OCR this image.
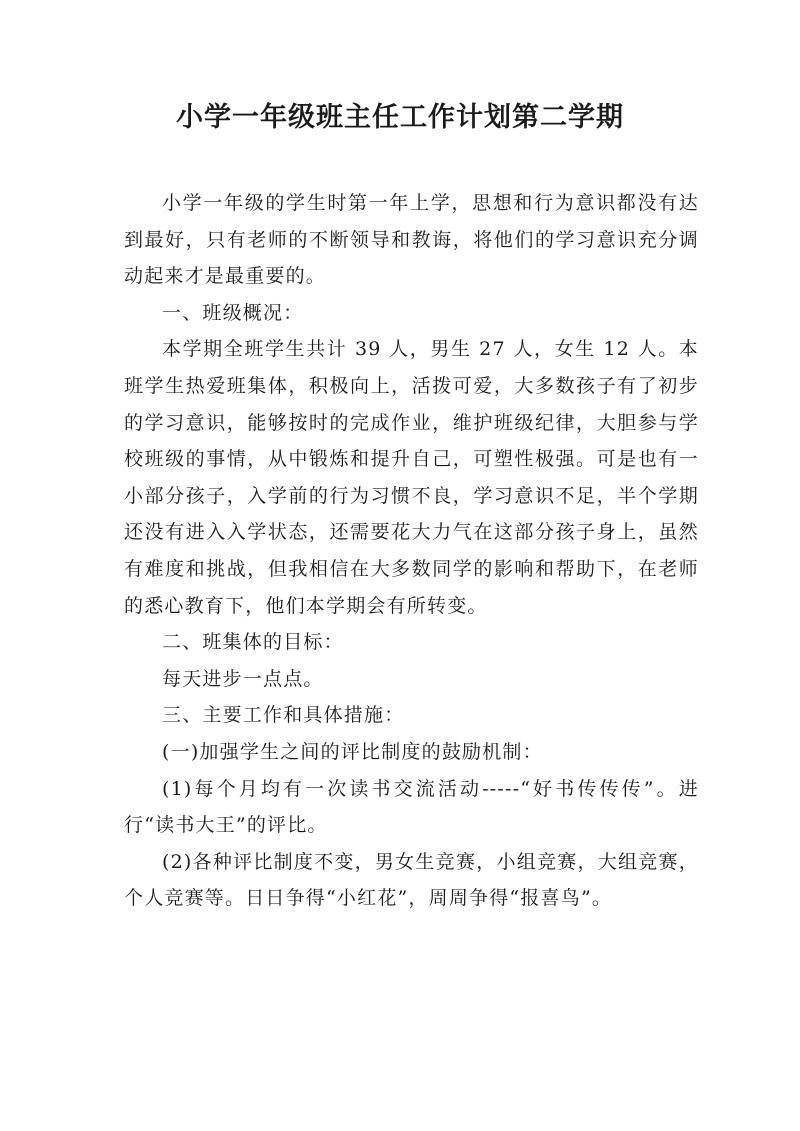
小学一年级班主任工作计划第二学期

小学一年级的学生时第一年上学，思想和行为意识都没有达到最好，只有老师的不断领导和教诲，将他们的学习意识充分调动起来才是最重要的。

一、班级概况：

本学期全班学生共计 39 人，男生 27 人，女生 12 人。本班学生热爱班集体，积极向上，活拨可爱，大多数孩子有了初步的学习意识，能够按时的完成作业，维护班级纪律，大胆参与学校班级的事情，从中锻炼和提升自己，可塑性极强。可是也有一小部分孩子，入学前的行为习惯不良，学习意识不足，半个学期还没有进入入学状态，还需要花大力气在这部分孩子身上，虽然有难度和挑战，但我相信在大多数同学的影响和帮助下，在老师的悉心教育下，他们本学期会有所转变。

二、班集体的目标：

每天进步一点点。

三、主要工作和具体措施：

(一)加强学生之间的评比制度的鼓励机制：

(1)每个月均有一次读书交流活动-----“好书传传传”。进行“读书大王”的评比。

(2)各种评比制度不变，男女生竞赛，小组竞赛，大组竞赛，个人竞赛等。日日争得“小红花”，周周争得“报喜鸟”。
